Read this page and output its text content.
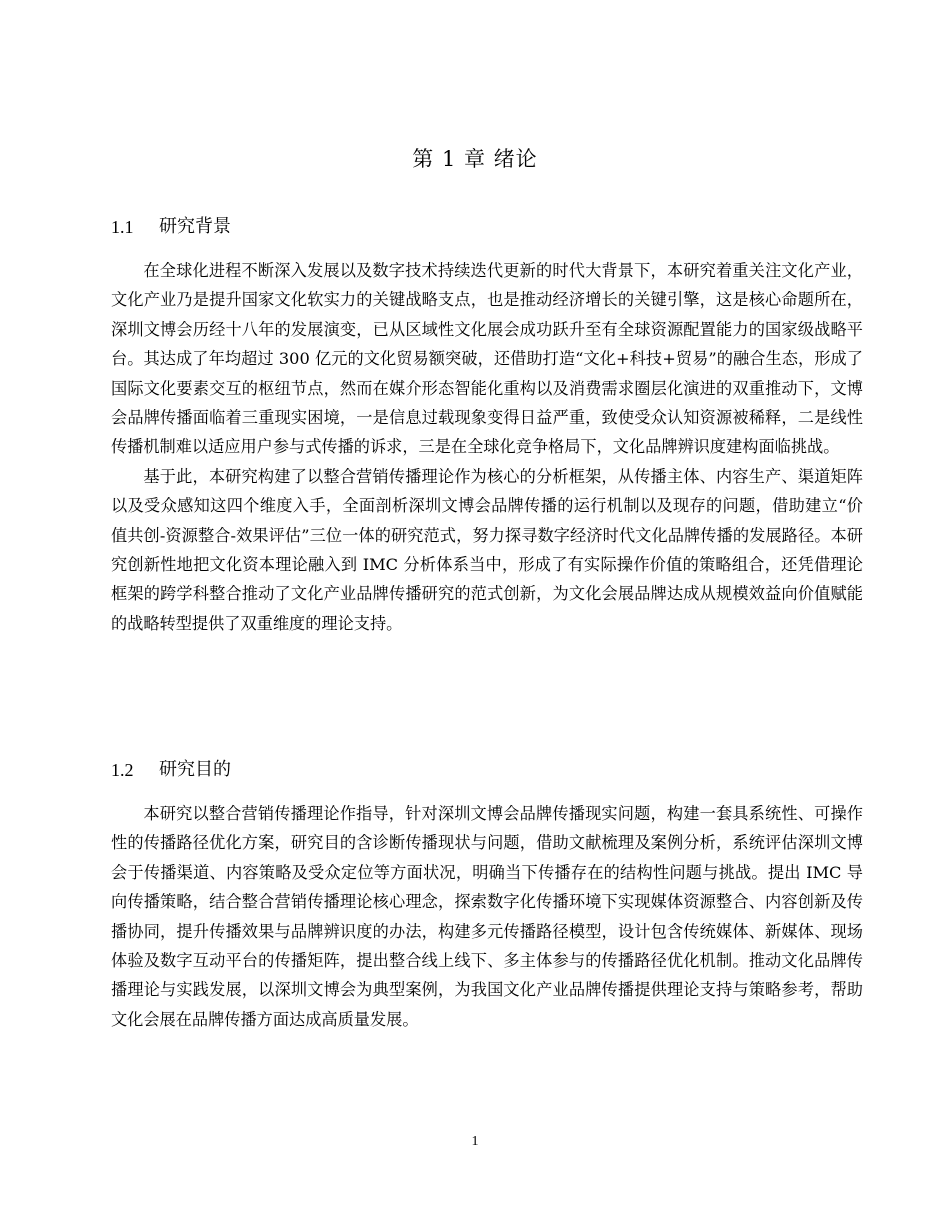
第 1 章 绪论
1.1	研究背景

在全球化进程不断深入发展以及数字技术持续迭代更新的时代大背景下，本研究着重关注文化产业，文化产业乃是提升国家文化软实力的关键战略支点，也是推动经济增长的关键引擎，这是核心命题所在，深圳文博会历经十八年的发展演变，已从区域性文化展会成功跃升至有全球资源配置能力的国家级战略平台。其达成了年均超过 300 亿元的文化贸易额突破，还借助打造“文化+科技+贸易”的融合生态，形成了国际文化要素交互的枢纽节点，然而在媒介形态智能化重构以及消费需求圈层化演进的双重推动下，文博会品牌传播面临着三重现实困境，一是信息过载现象变得日益严重，致使受众认知资源被稀释，二是线性传播机制难以适应用户参与式传播的诉求，三是在全球化竞争格局下，文化品牌辨识度建构面临挑战。

基于此，本研究构建了以整合营销传播理论作为核心的分析框架，从传播主体、内容生产、渠道矩阵以及受众感知这四个维度入手，全面剖析深圳文博会品牌传播的运行机制以及现存的问题，借助建立“价值共创-资源整合-效果评估”三位一体的研究范式，努力探寻数字经济时代文化品牌传播的发展路径。本研究创新性地把文化资本理论融入到 IMC 分析体系当中，形成了有实际操作价值的策略组合，还凭借理论框架的跨学科整合推动了文化产业品牌传播研究的范式创新，为文化会展品牌达成从规模效益向价值赋能的战略转型提供了双重维度的理论支持。

1.2	研究目的

本研究以整合营销传播理论作指导，针对深圳文博会品牌传播现实问题，构建一套具系统性、可操作性的传播路径优化方案，研究目的含诊断传播现状与问题，借助文献梳理及案例分析，系统评估深圳文博会于传播渠道、内容策略及受众定位等方面状况，明确当下传播存在的结构性问题与挑战。提出 IMC 导向传播策略，结合整合营销传播理论核心理念，探索数字化传播环境下实现媒体资源整合、内容创新及传播协同，提升传播效果与品牌辨识度的办法，构建多元传播路径模型，设计包含传统媒体、新媒体、现场体验及数字互动平台的传播矩阵，提出整合线上线下、多主体参与的传播路径优化机制。推动文化品牌传播理论与实践发展，以深圳文博会为典型案例，为我国文化产业品牌传播提供理论支持与策略参考，帮助文化会展在品牌传播方面达成高质量发展。

1
